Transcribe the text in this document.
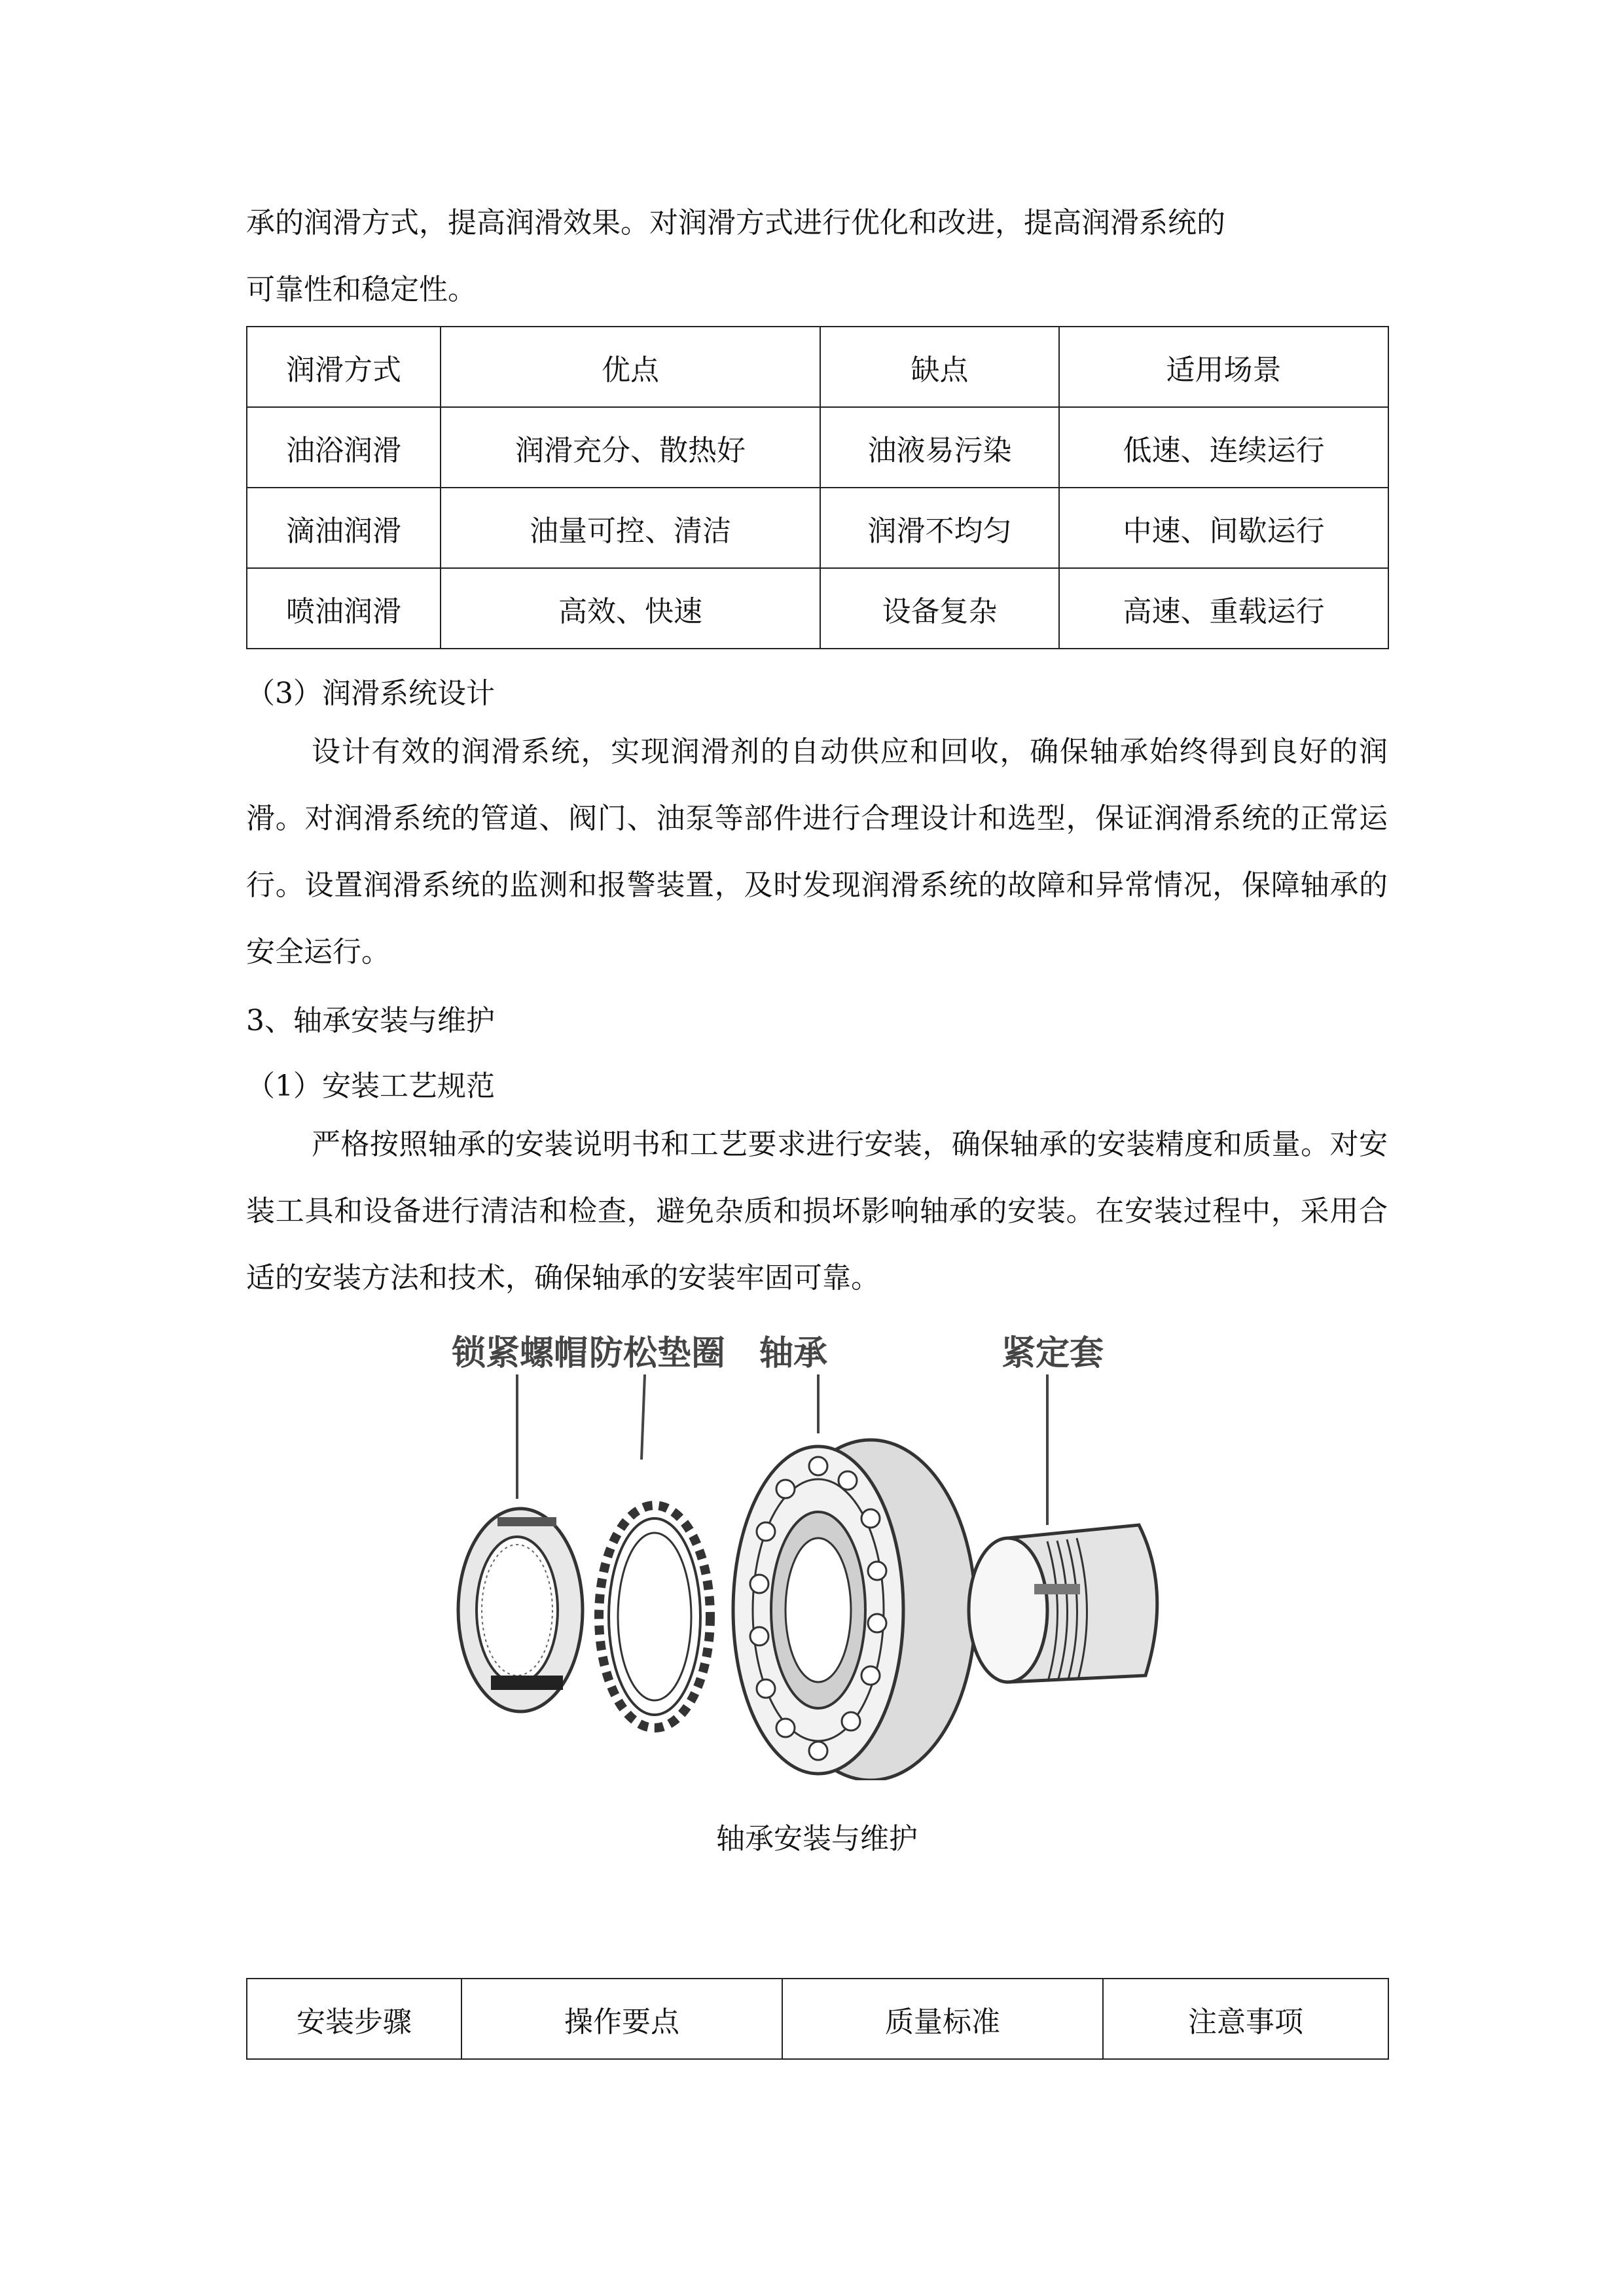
承的润滑方式，提高润滑效果。对润滑方式进行优化和改进，提高润滑系统的
可靠性和稳定性。

润滑方式	优点	缺点	适用场景
油浴润滑	润滑充分、散热好	油液易污染	低速、连续运行
滴油润滑	油量可控、清洁	润滑不均匀	中速、间歇运行
喷油润滑	高效、快速	设备复杂	高速、重载运行

（3）润滑系统设计

设计有效的润滑系统，实现润滑剂的自动供应和回收，确保轴承始终得到良好的润滑。对润滑系统的管道、阀门、油泵等部件进行合理设计和选型，保证润滑系统的正常运行。设置润滑系统的监测和报警装置，及时发现润滑系统的故障和异常情况，保障轴承的安全运行。

3、轴承安装与维护

（1）安装工艺规范

严格按照轴承的安装说明书和工艺要求进行安装，确保轴承的安装精度和质量。对安装工具和设备进行清洁和检查，避免杂质和损坏影响轴承的安装。在安装过程中，采用合适的安装方法和技术，确保轴承的安装牢固可靠。

锁紧螺帽 防松垫圈 轴承	紧定套
轴承安装与维护
安装步骤	操作要点	质量标准	注意事项
